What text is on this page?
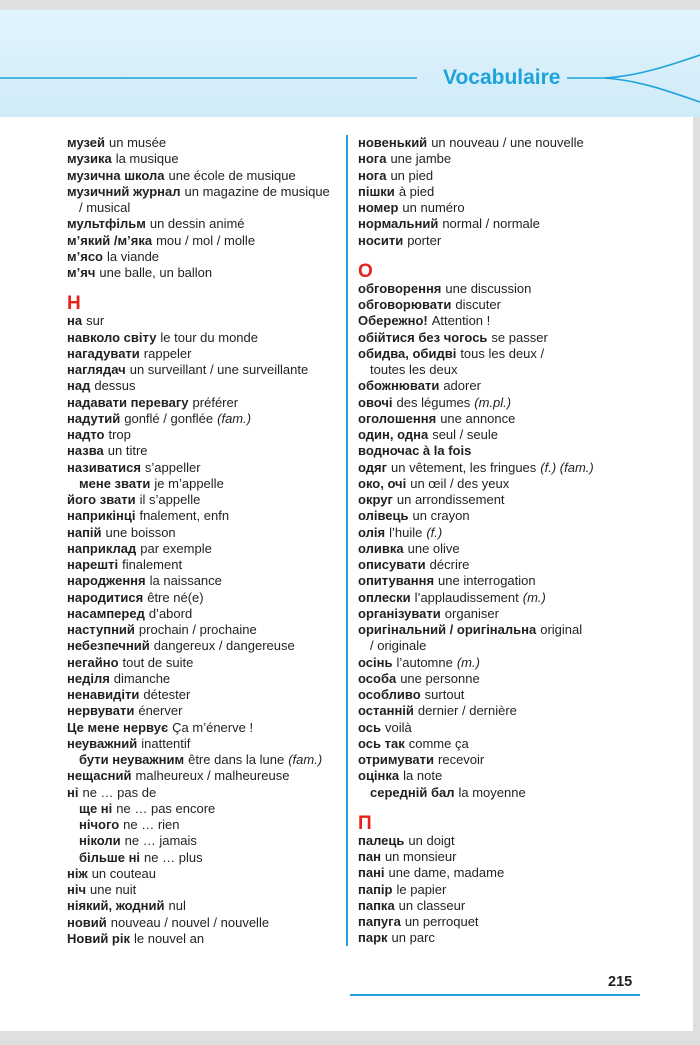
Vocabulaire
музей un musée
музика la musique
музична школа une école de musique
музичний журнал un magazine de musique
/ musical
мультфільм un dessin animé
м’який /м’яка mou / mol / molle
м’ясо la viande
м’яч une balle, un ballon
Н
на sur
навколо світу le tour du monde
нагадувати rappeler
наглядач un surveillant / une surveillante
над dessus
надавати перевагу préférer
надутий gonflé / gonflée (fam.)
надто trop
назва un titre
називатися s’appeller
мене звати je m’appelle
його звати il s’appelle
наприкінці fnalement, enfn
напій une boisson
наприклад par exemple
нарешті finalement
народження la naissance
народитися être né(e)
насамперед d’abord
наступний prochain / prochaine
небезпечний dangereux / dangereuse
негайно tout de suite
неділя dimanche
ненавидіти détester
нервувати énerver
Це мене нервує Ça m’énerve !
неуважний inattentif
бути неуважним être dans la lune (fam.)
нещасний malheureux / malheureuse
ні ne … pas de
ще ні ne … pas encore
нічого ne … rien
ніколи ne … jamais
більше ні ne … plus
ніж un couteau
ніч une nuit
ніякий, жодний nul
новий nouveau / nouvel / nouvelle
Новий рік le nouvel an
новенький un nouveau / une nouvelle
нога une jambe
нога un pied
пішки à pied
номер un numéro
нормальний normal / normale
носити porter
О
обговорення une discussion
обговорювати discuter
Обережно! Attention !
обійтися без чогось se passer
обидва, обидві tous les deux /
toutes les deux
обожнювати adorer
овочі des légumes (m.pl.)
оголошення une annonce
один, одна seul / seule
водночас à la fois
одяг un vêtement, les fringues (f.) (fam.)
око, очі un œil / des yeux
округ un arrondissement
олівець un crayon
олія l’huile (f.)
оливка une olive
описувати décrire
опитування une interrogation
оплески l’applaudissement (m.)
організувати organiser
оригінальний / оригінальна original
/ originale
осінь l’automne (m.)
особа une personne
особливо surtout
останній dernier / dernière
ось voilà
ось так comme ça
отримувати recevoir
оцінка la note
середній бал la moyenne
П
палець un doigt
пан un monsieur
пані une dame, madame
папір le papier
папка un classeur
папуга un perroquet
парк un parc
215
